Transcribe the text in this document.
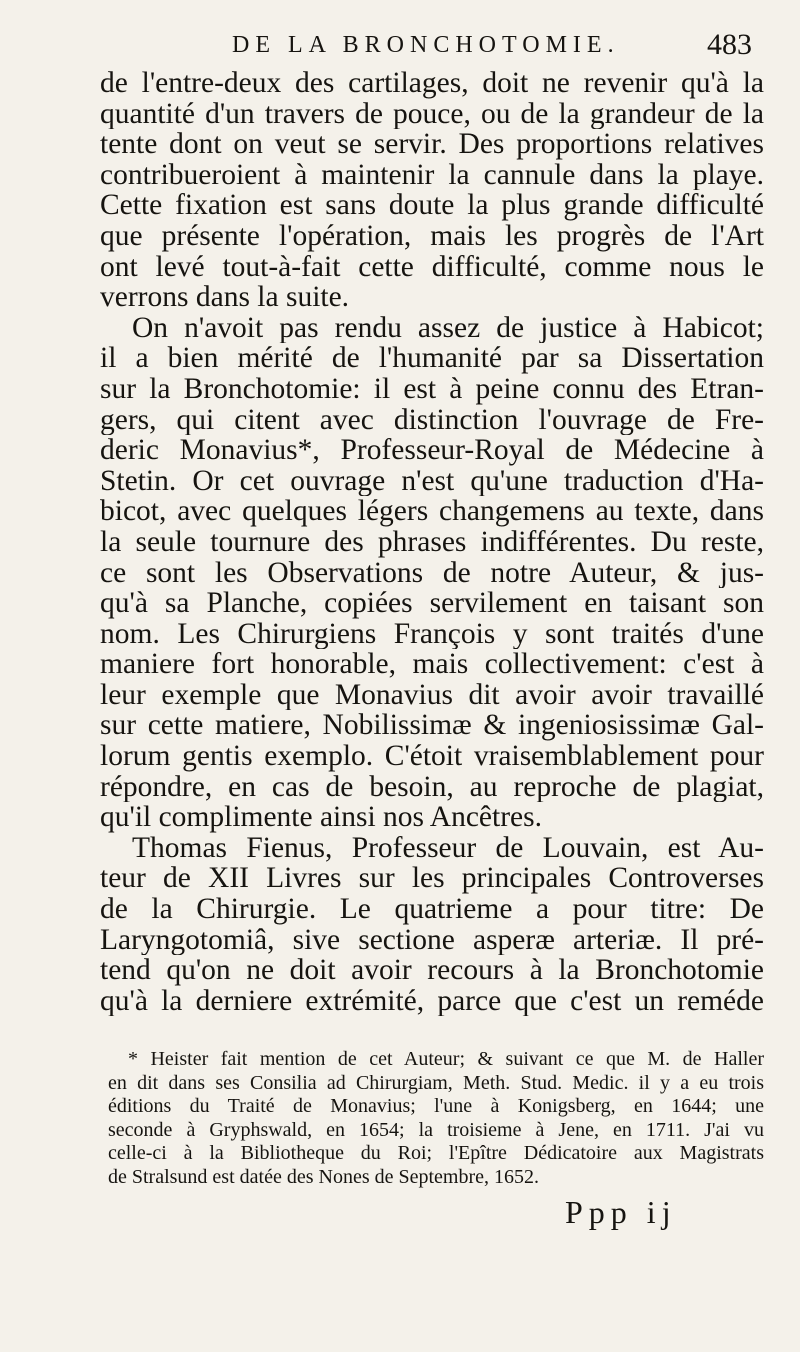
DE LA BRONCHOTOMIE.	483
de l'entre-deux des cartilages, doit ne revenir qu'à la
quantité d'un travers de pouce, ou de la grandeur de la
tente dont on veut se servir. Des proportions relatives
contribueroient à maintenir la cannule dans la playe.
Cette fixation est sans doute la plus grande difficulté
que présente l'opération, mais les progrès de l'Art
ont levé tout-à-fait cette difficulté, comme nous le
verrons dans la suite.
On n'avoit pas rendu assez de justice à Habicot;
il a bien mérité de l'humanité par sa Dissertation
sur la Bronchotomie: il est à peine connu des Etran-
gers, qui citent avec distinction l'ouvrage de Fre-
deric Monavius*, Professeur-Royal de Médecine à
Stetin. Or cet ouvrage n'est qu'une traduction d'Ha-
bicot, avec quelques légers changemens au texte, dans
la seule tournure des phrases indifférentes. Du reste,
ce sont les Observations de notre Auteur, & jus-
qu'à sa Planche, copiées servilement en taisant son
nom. Les Chirurgiens François y sont traités d'une
maniere fort honorable, mais collectivement: c'est à
leur exemple que Monavius dit avoir avoir travaillé
sur cette matiere, Nobilissimæ & ingeniosissimæ Gal-
lorum gentis exemplo. C'étoit vraisemblablement pour
répondre, en cas de besoin, au reproche de plagiat,
qu'il complimente ainsi nos Ancêtres.
Thomas Fienus, Professeur de Louvain, est Au-
teur de XII Livres sur les principales Controverses
de la Chirurgie. Le quatrieme a pour titre: De
Laryngotomiâ, sive sectione asperæ arteriæ. Il pré-
tend qu'on ne doit avoir recours à la Bronchotomie
qu'à la derniere extrémité, parce que c'est un reméde
* Heister fait mention de cet Auteur; & suivant ce que M. de Haller
en dit dans ses Consilia ad Chirurgiam, Meth. Stud. Medic. il y a eu trois
éditions du Traité de Monavius; l'une à Konigsberg, en 1644; une
seconde à Gryphswald, en 1654; la troisieme à Jene, en 1711. J'ai vu
celle-ci à la Bibliotheque du Roi; l'Epître Dédicatoire aux Magistrats
de Stralsund est datée des Nones de Septembre, 1652.
Ppp ij
